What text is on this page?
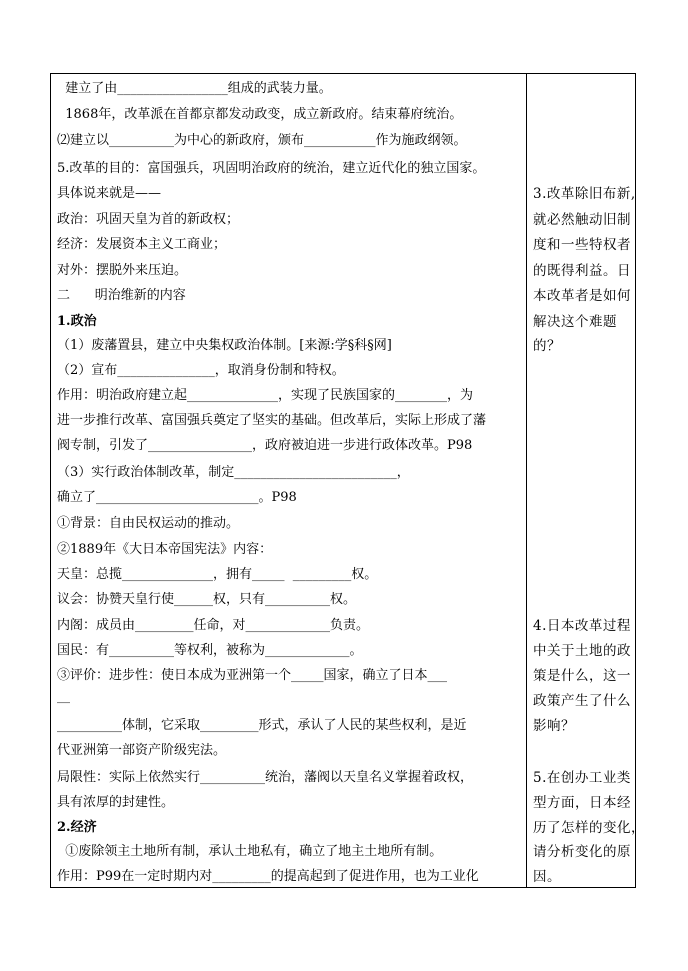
建立了由_________________组成的武装力量。
1868年，改革派在首都京都发动政变，成立新政府。结束幕府统治。
⑵建立以__________为中心的新政府，颁布___________作为施政纲领。
5.改革的目的：富国强兵，巩固明治政府的统治，建立近代化的独立国家。
具体说来就是——
政治：巩固天皇为首的新政权；
经济：发展资本主义工商业；
对外：摆脱外来压迫。
二      明治维新的内容
1.政治
（1）废藩置县，建立中央集权政治体制。[来源:学§科§网]
（2）宣布_______________，取消身份制和特权。
作用：明治政府建立起______________，实现了民族国家的________，为
进一步推行改革、富国强兵奠定了坚实的基础。但改革后，实际上形成了藩
阀专制，引发了________________，政府被迫进一步进行政体改革。P98
（3）实行政治体制改革，制定_________________________，
确立了_________________________。P98
①背景：自由民权运动的推动。
②1889年《大日本帝国宪法》内容：
天皇：总揽______________，拥有_____  _________权。
议会：协赞天皇行使______权，只有__________权。
内阁：成员由_________任命，对_____________负责。
国民：有__________等权利，被称为_____________。
③评价：进步性：使日本成为亚洲第一个_____国家，确立了日本___
__
__________体制，它采取_________形式，承认了人民的某些权利，是近
代亚洲第一部资产阶级宪法。
局限性：实际上依然实行__________统治，藩阀以天皇名义掌握着政权，
具有浓厚的封建性。
2.经济
①废除领主土地所有制，承认土地私有，确立了地主土地所有制。
作用：P99在一定时期内对_________的提高起到了促进作用，也为工业化
3.改革除旧布新,
就必然触动旧制
度和一些特权者
的既得利益。日
本改革者是如何
解决这个难题
的？
4.日本改革过程
中关于土地的政
策是什么，这一
政策产生了什么
影响？
5.在创办工业类
型方面，日本经
历了怎样的变化，
请分析变化的原
因。
